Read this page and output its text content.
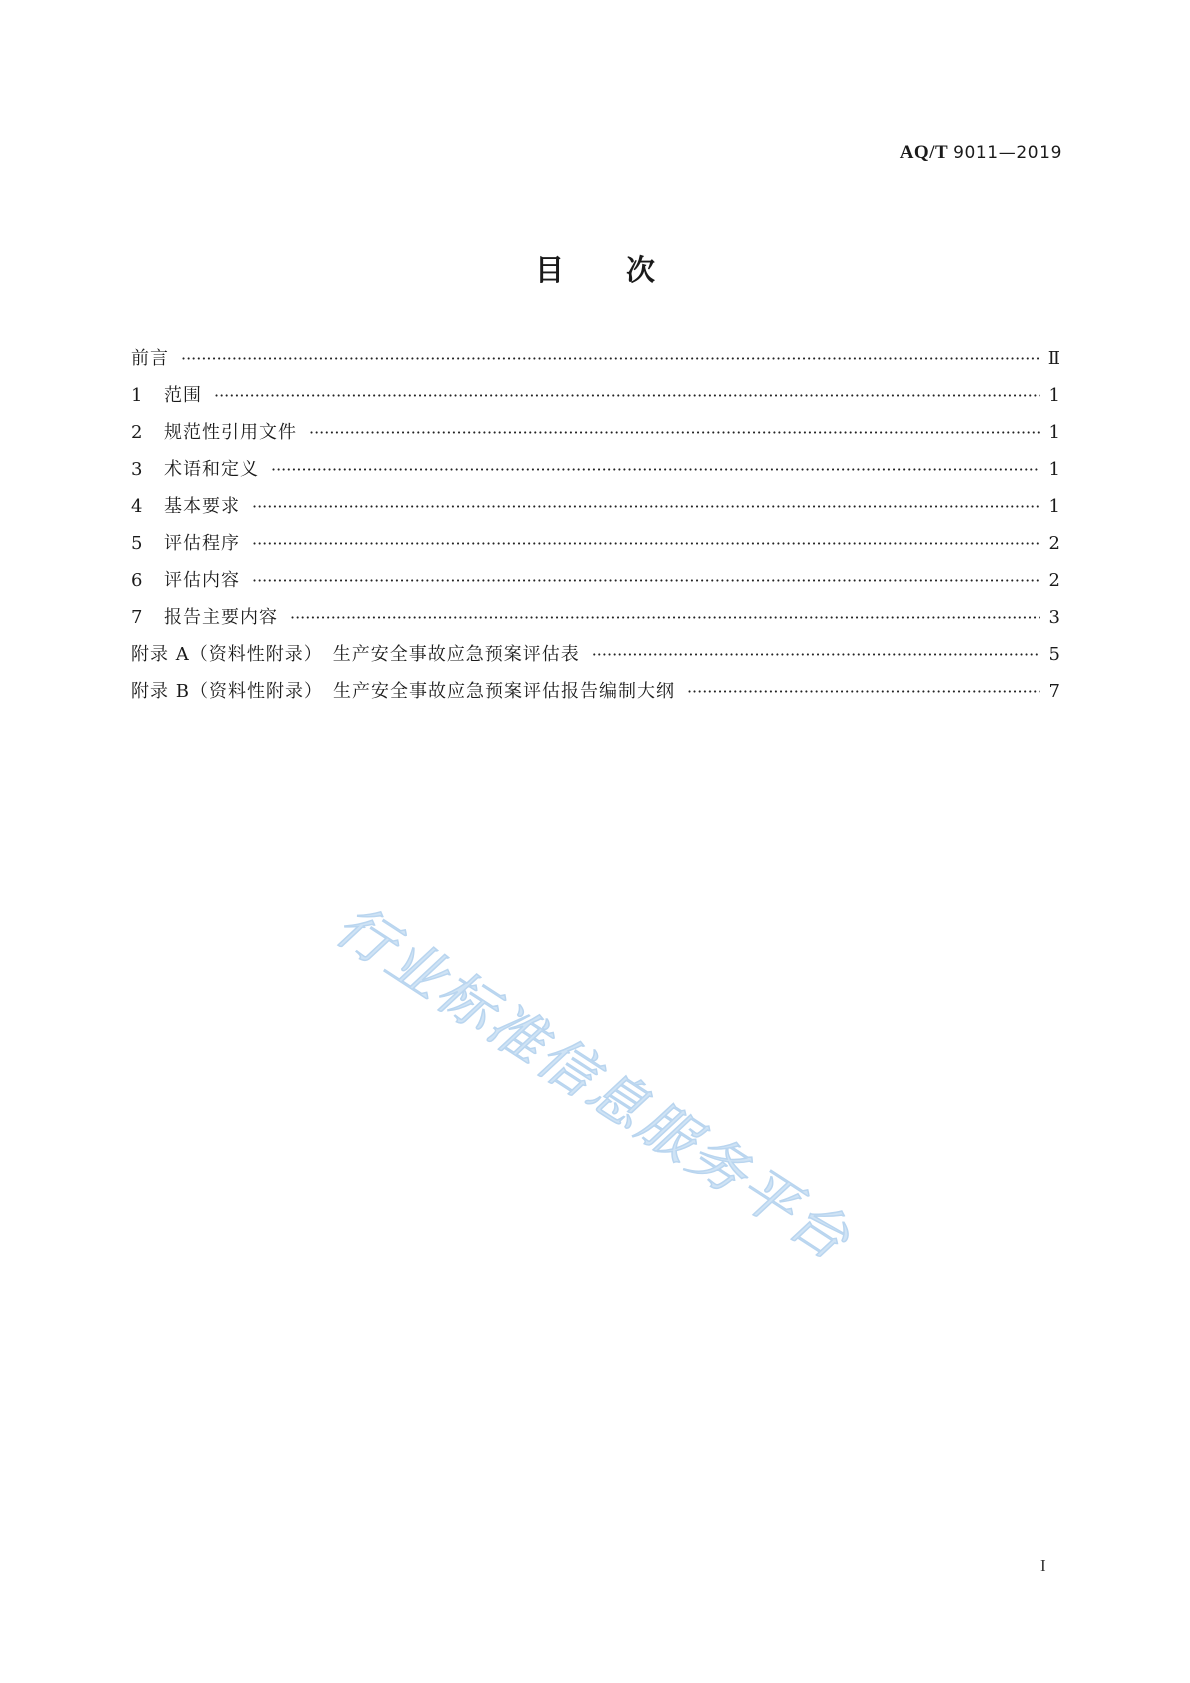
AQ/T 9011—2019
目次
前言 ·····	Ⅱ
1	范围 ·····	1
2	规范性引用文件 ·····	1
3	术语和定义 ·····	1
4	基本要求 ·····	1
5	评估程序 ·····	2
6	评估内容 ·····	2
7	报告主要内容 ·····	3
附录 A（资料性附录）　生产安全事故应急预案评估表 ·····	5
附录 B（资料性附录）　生产安全事故应急预案评估报告编制大纲 ·····	7
行业标准信息服务平台
I
